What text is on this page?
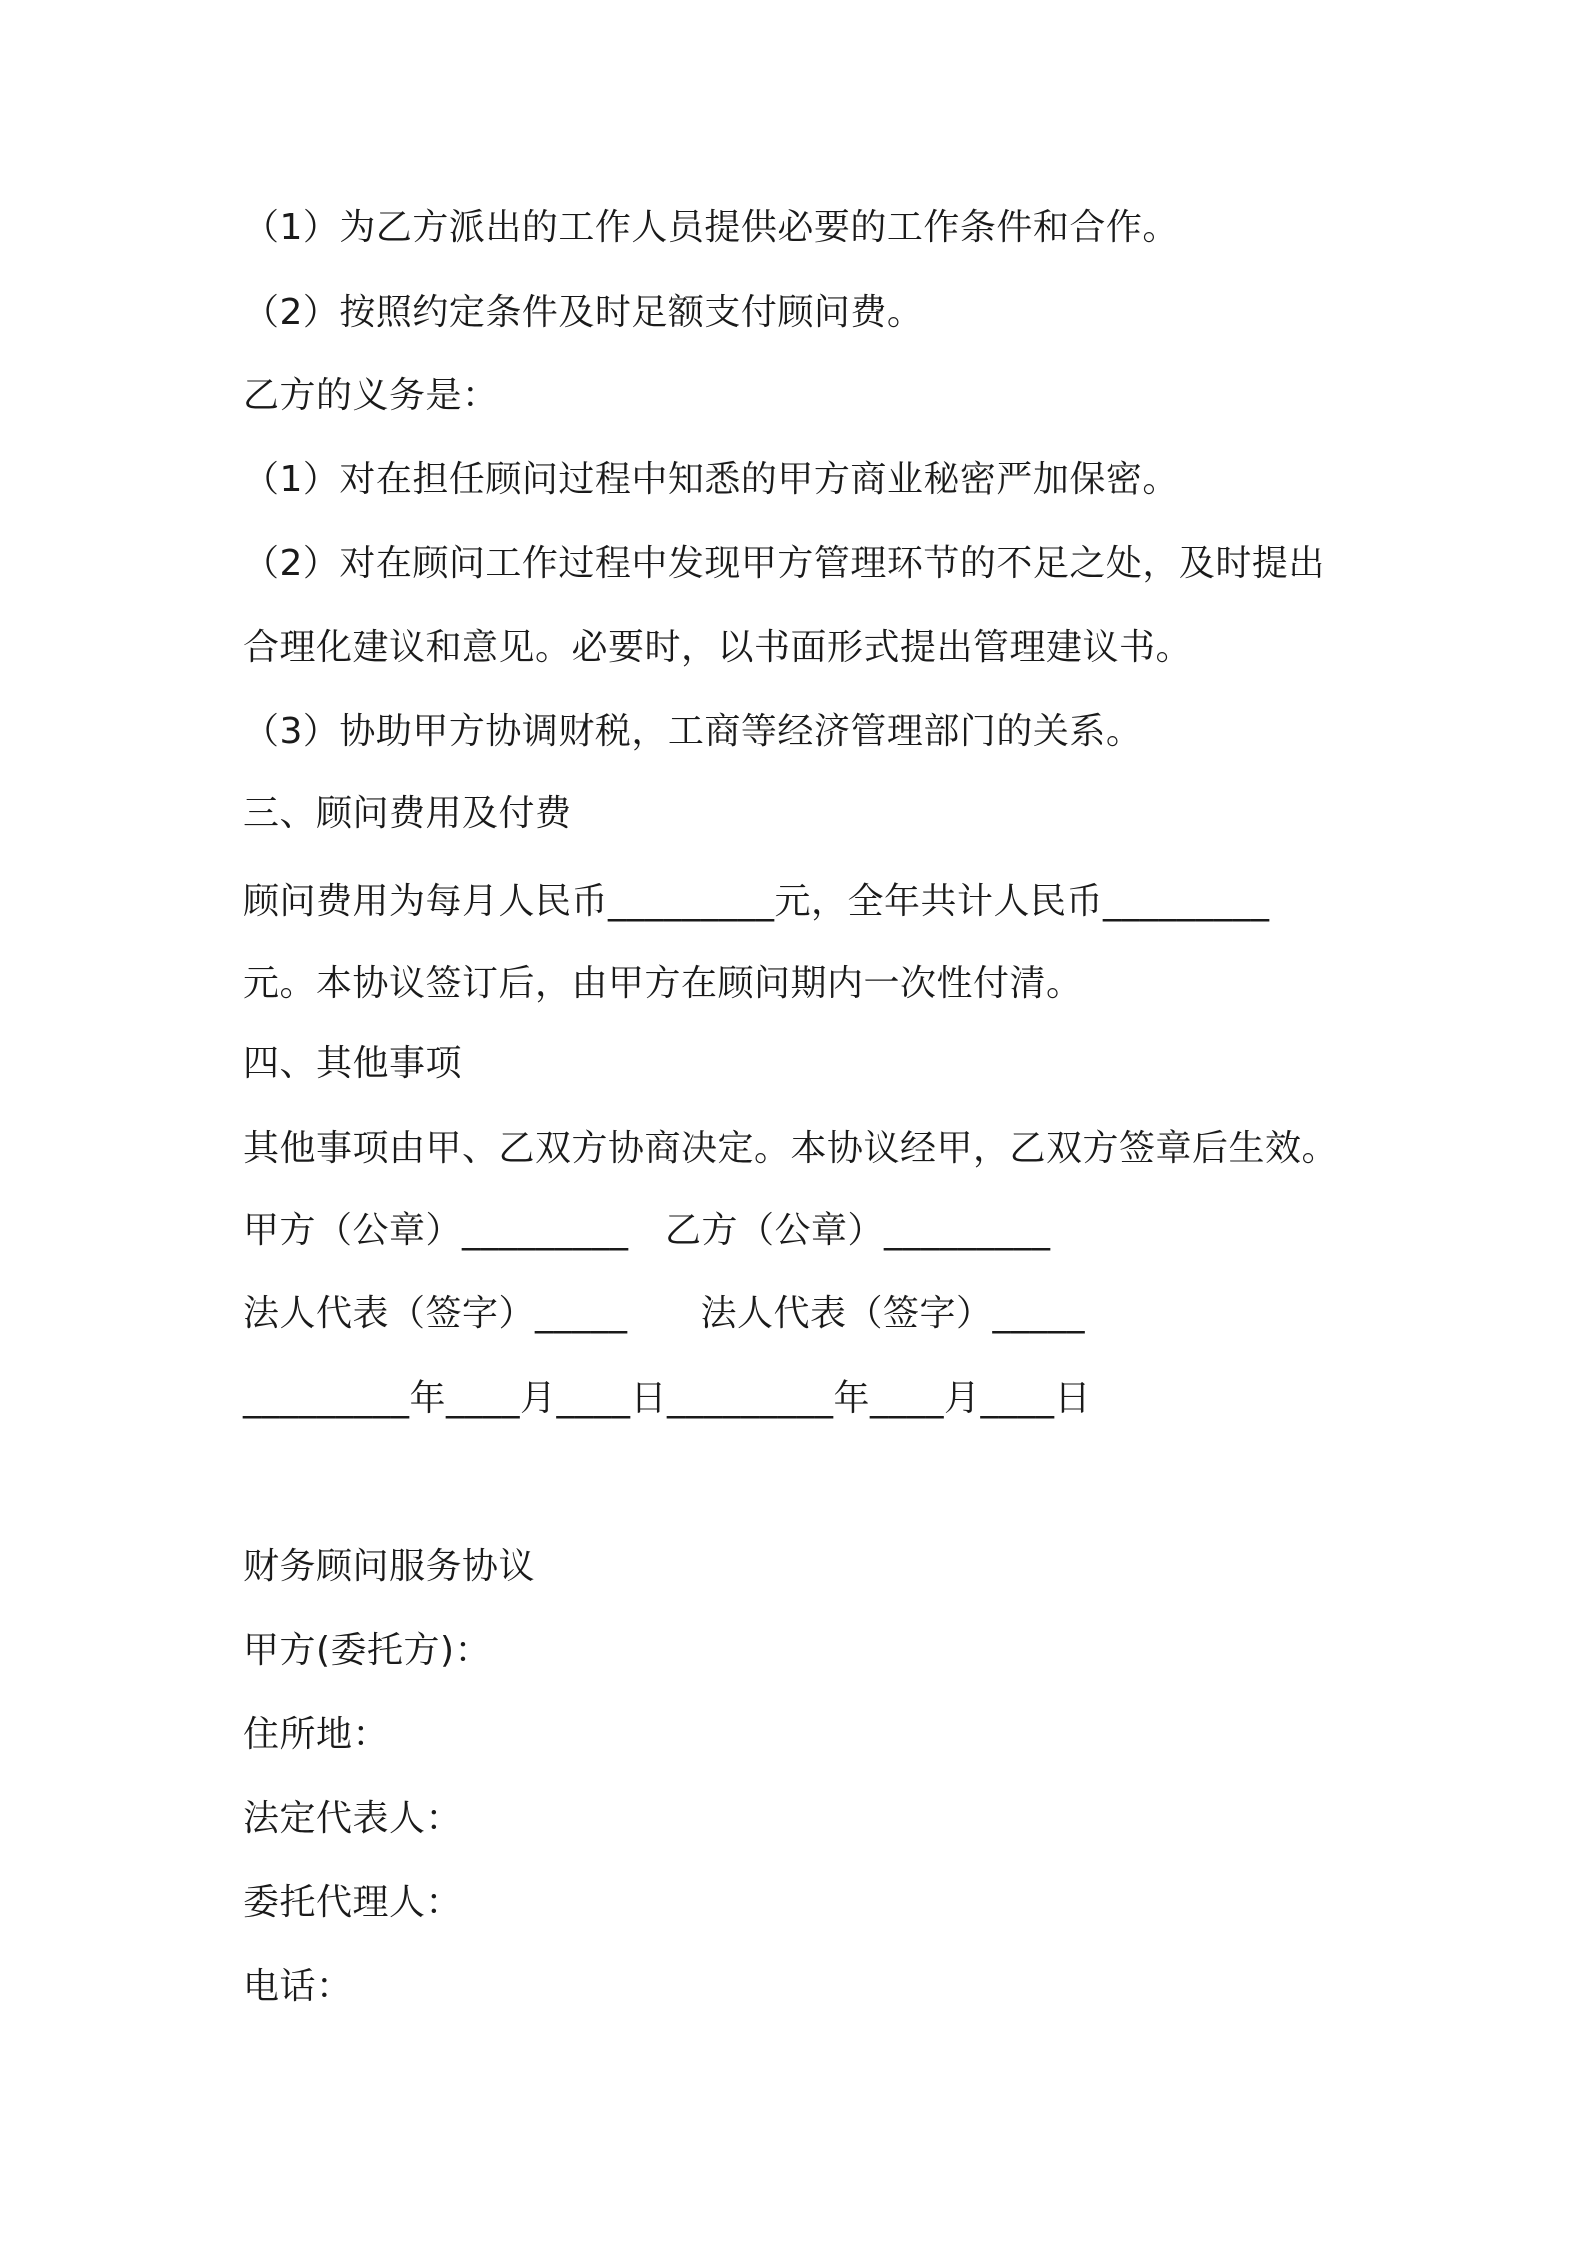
（1）为乙方派出的工作人员提供必要的工作条件和合作。
（2）按照约定条件及时足额支付顾问费。
乙方的义务是：
（1）对在担任顾问过程中知悉的甲方商业秘密严加保密。
（2）对在顾问工作过程中发现甲方管理环节的不足之处，及时提出
合理化建议和意见。必要时，以书面形式提出管理建议书。
（3）协助甲方协调财税，工商等经济管理部门的关系。
三、顾问费用及付费
顾问费用为每月人民币_________元，全年共计人民币_________
元。本协议签订后，由甲方在顾问期内一次性付清。
四、其他事项
其他事项由甲、乙双方协商决定。本协议经甲，乙双方签章后生效。
甲方（公章）_________　乙方（公章）_________
法人代表（签字）_____　　法人代表（签字）_____
_________年____月____日_________年____月____日
财务顾问服务协议
甲方(委托方)：
住所地：
法定代表人：
委托代理人：
电话：
